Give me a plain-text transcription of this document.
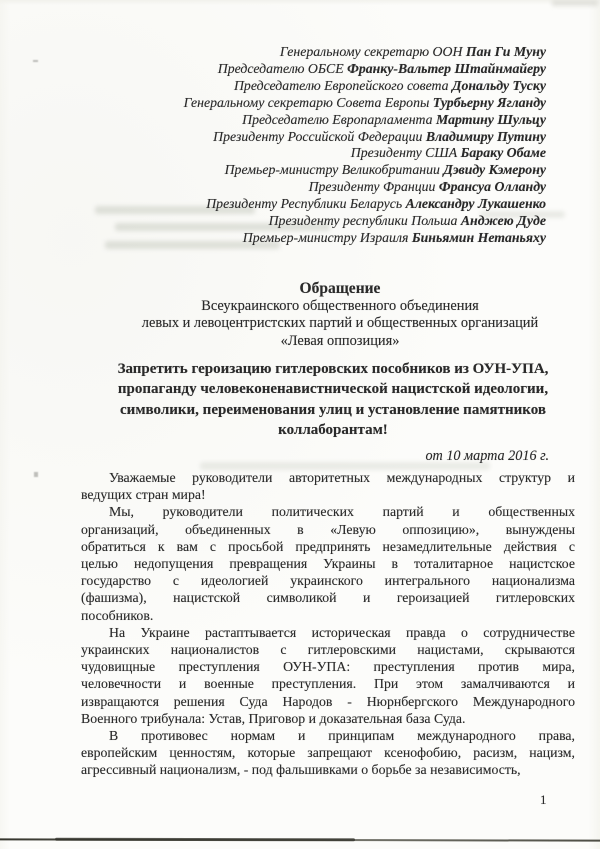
Генеральному секретарю ООН Пан Ги Муну
Председателю ОБСЕ Франку-Вальтер Штайнмайеру
Председателю Европейского совета Дональду Туску
Генеральному секретарю Совета Европы Турбьерну Ягланду
Председателю Европарламента Мартину Шульцу
Президенту Российской Федерации Владимиру Путину
Президенту США Бараку Обаме
Премьер-министру Великобритании Дэвиду Кэмерону
Президенту Франции Франсуа Олланду
Президенту Республики Беларусь Александру Лукашенко
Президенту республики Польша Анджею Дуде
Премьер-министру Израиля Биньямин Нетаньяху
Обращение
Всеукраинского общественного объединения
левых и левоцентристских партий и общественных организаций
«Левая оппозиция»
Запретить героизацию гитлеровских пособников из ОУН-УПА,
пропаганду человеконенавистнической нацистской идеологии,
символики, переименования улиц и установление памятников
коллаборантам!
от 10 марта 2016 г.
Уважаемые руководители авторитетных международных структур и
ведущих стран мира!
Мы, руководители политических партий и общественных
организаций, объединенных в «Левую оппозицию», вынуждены
обратиться к вам с просьбой предпринять незамедлительные действия с
целью недопущения превращения Украины в тоталитарное нацистское
государство с идеологией украинского интегрального национализма
(фашизма), нацистской символикой и героизацией гитлеровских
пособников.
На Украине растаптывается историческая правда о сотрудничестве
украинских националистов с гитлеровскими нацистами, скрываются
чудовищные преступления ОУН-УПА: преступления против мира,
человечности и военные преступления. При этом замалчиваются и
извращаются решения Суда Народов - Нюрнбергского Международного
Военного трибунала: Устав, Приговор и доказательная база Суда.
В противовес нормам и принципам международного права,
европейским ценностям, которые запрещают ксенофобию, расизм, нацизм,
агрессивный национализм, - под фальшивками о борьбе за независимость,
1
